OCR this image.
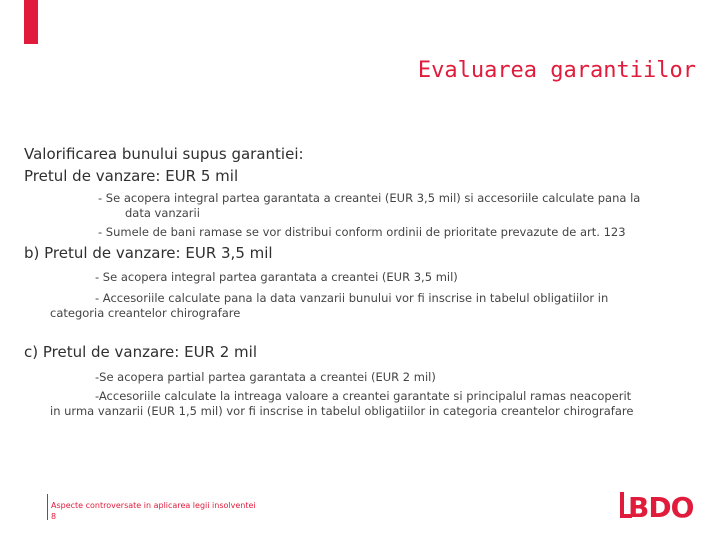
Evaluarea garantiilor
Valorificarea bunului supus garantiei:
Pretul de vanzare: EUR 5 mil
- Se acopera integral partea garantata a creantei (EUR 3,5 mil) si accesoriile calculate pana la
data vanzarii
- Sumele de bani ramase se vor distribui conform ordinii de prioritate prevazute de art. 123
b) Pretul de vanzare: EUR 3,5 mil
- Se acopera integral partea garantata a creantei (EUR 3,5 mil)
- Accesoriile calculate pana la data vanzarii bunului vor fi inscrise in tabelul obligatiilor in
categoria creantelor chirografare
c) Pretul de vanzare: EUR 2 mil
-Se acopera partial partea garantata a creantei (EUR 2 mil)
-Accesoriile calculate la intreaga valoare a creantei garantate si principalul ramas neacoperit
in urma vanzarii (EUR 1,5 mil) vor fi inscrise in tabelul obligatiilor in categoria creantelor chirografare
Aspecte controversate in aplicarea legii insolventei
8	BDO
